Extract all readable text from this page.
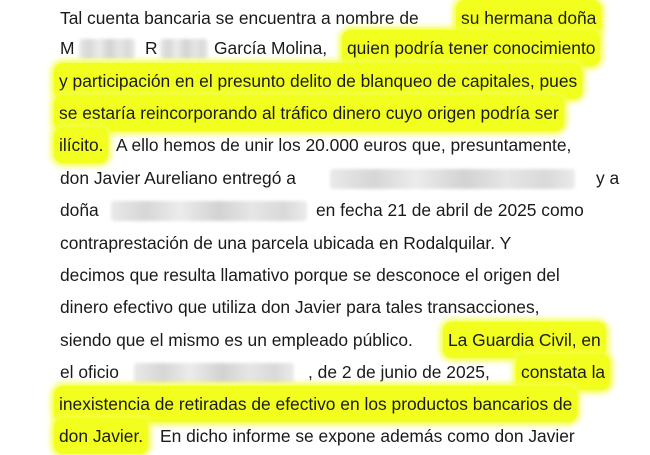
Tal cuenta bancaria se encuentra a nombre de su hermana doña
M	R	García Molina, quien podría tener conocimiento
y participación en el presunto delito de blanqueo de capitales, pues
se estaría reincorporando al tráfico dinero cuyo origen podría ser
ilícito. A ello hemos de unir los 20.000 euros que, presuntamente,
don Javier Aureliano entregó a	y a
doña	en fecha 21 de abril de 2025 como
contraprestación de una parcela ubicada en Rodalquilar. Y
decimos que resulta llamativo porque se desconoce el origen del
dinero efectivo que utiliza don Javier para tales transacciones,
siendo que el mismo es un empleado público. La Guardia Civil, en
el oficio	, de 2 de junio de 2025, constata la
inexistencia de retiradas de efectivo en los productos bancarios de
don Javier. En dicho informe se expone además como don Javier
